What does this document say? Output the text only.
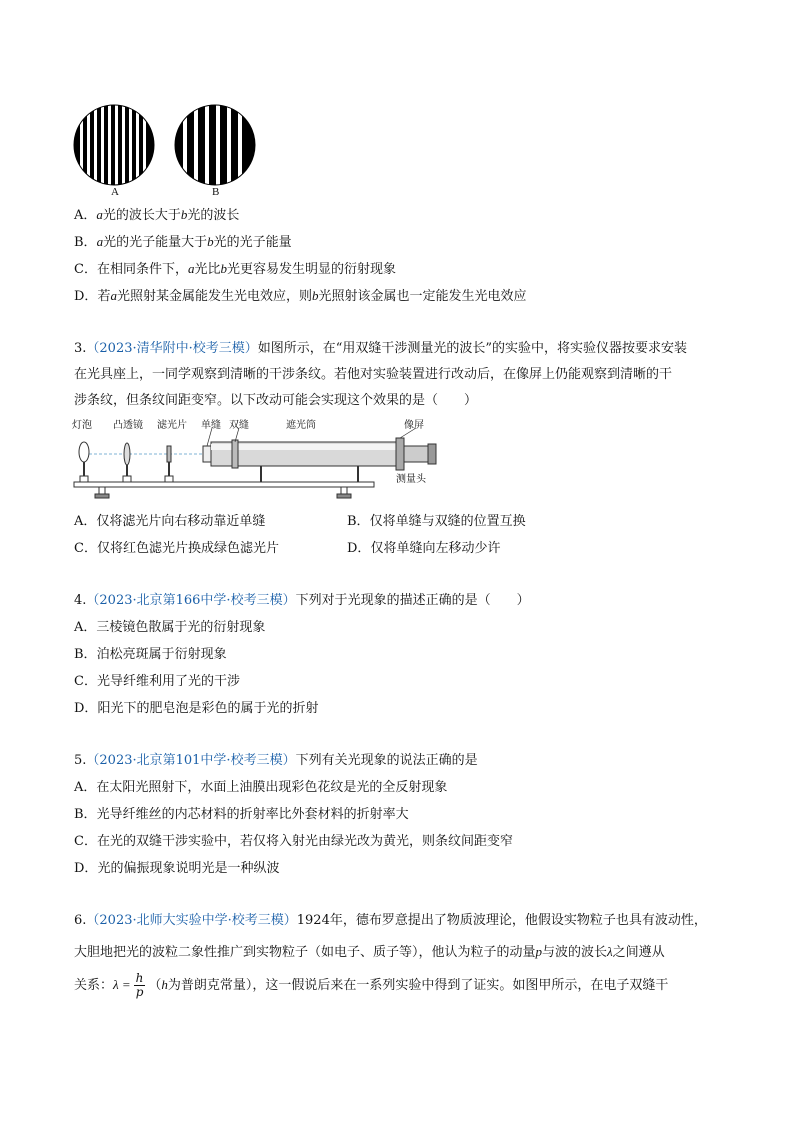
A	B
A．a光的波长大于b光的波长
B．a光的光子能量大于b光的光子能量
C．在相同条件下，a光比b光更容易发生明显的衍射现象
D．若a光照射某金属能发生光电效应，则b光照射该金属也一定能发生光电效应
3.（2023·清华附中·校考三模）如图所示，在“用双缝干涉测量光的波长”的实验中，将实验仪器按要求安装
在光具座上，一同学观察到清晰的干涉条纹。若他对实验装置进行改动后，在像屏上仍能观察到清晰的干
涉条纹，但条纹间距变窄。以下改动可能会实现这个效果的是（　　）
灯泡 凸透镜 滤光片 单缝 双缝	遮光筒	像屏
测量头
A．仅将滤光片向右移动靠近单缝	B．仅将单缝与双缝的位置互换
C．仅将红色滤光片换成绿色滤光片	D．仅将单缝向左移动少许
4.（2023·北京第166中学·校考三模）下列对于光现象的描述正确的是（　　）
A．三棱镜色散属于光的衍射现象
B．泊松亮斑属于衍射现象
C．光导纤维利用了光的干涉
D．阳光下的肥皂泡是彩色的属于光的折射
5.（2023·北京第101中学·校考三模）下列有关光现象的说法正确的是
A．在太阳光照射下，水面上油膜出现彩色花纹是光的全反射现象
B．光导纤维丝的内芯材料的折射率比外套材料的折射率大
C．在光的双缝干涉实验中，若仅将入射光由绿光改为黄光，则条纹间距变窄
D．光的偏振现象说明光是一种纵波
6.（2023·北师大实验中学·校考三模）1924年，德布罗意提出了物质波理论，他假设实物粒子也具有波动性，
大胆地把光的波粒二象性推广到实物粒子（如电子、质子等），他认为粒子的动量p与波的波长λ之间遵从
关系：$\lambda = \frac{h}{p} (h$为普朗克常量），这一假说后来在一系列实验中得到了证实。如图甲所示，在电子双缝干
